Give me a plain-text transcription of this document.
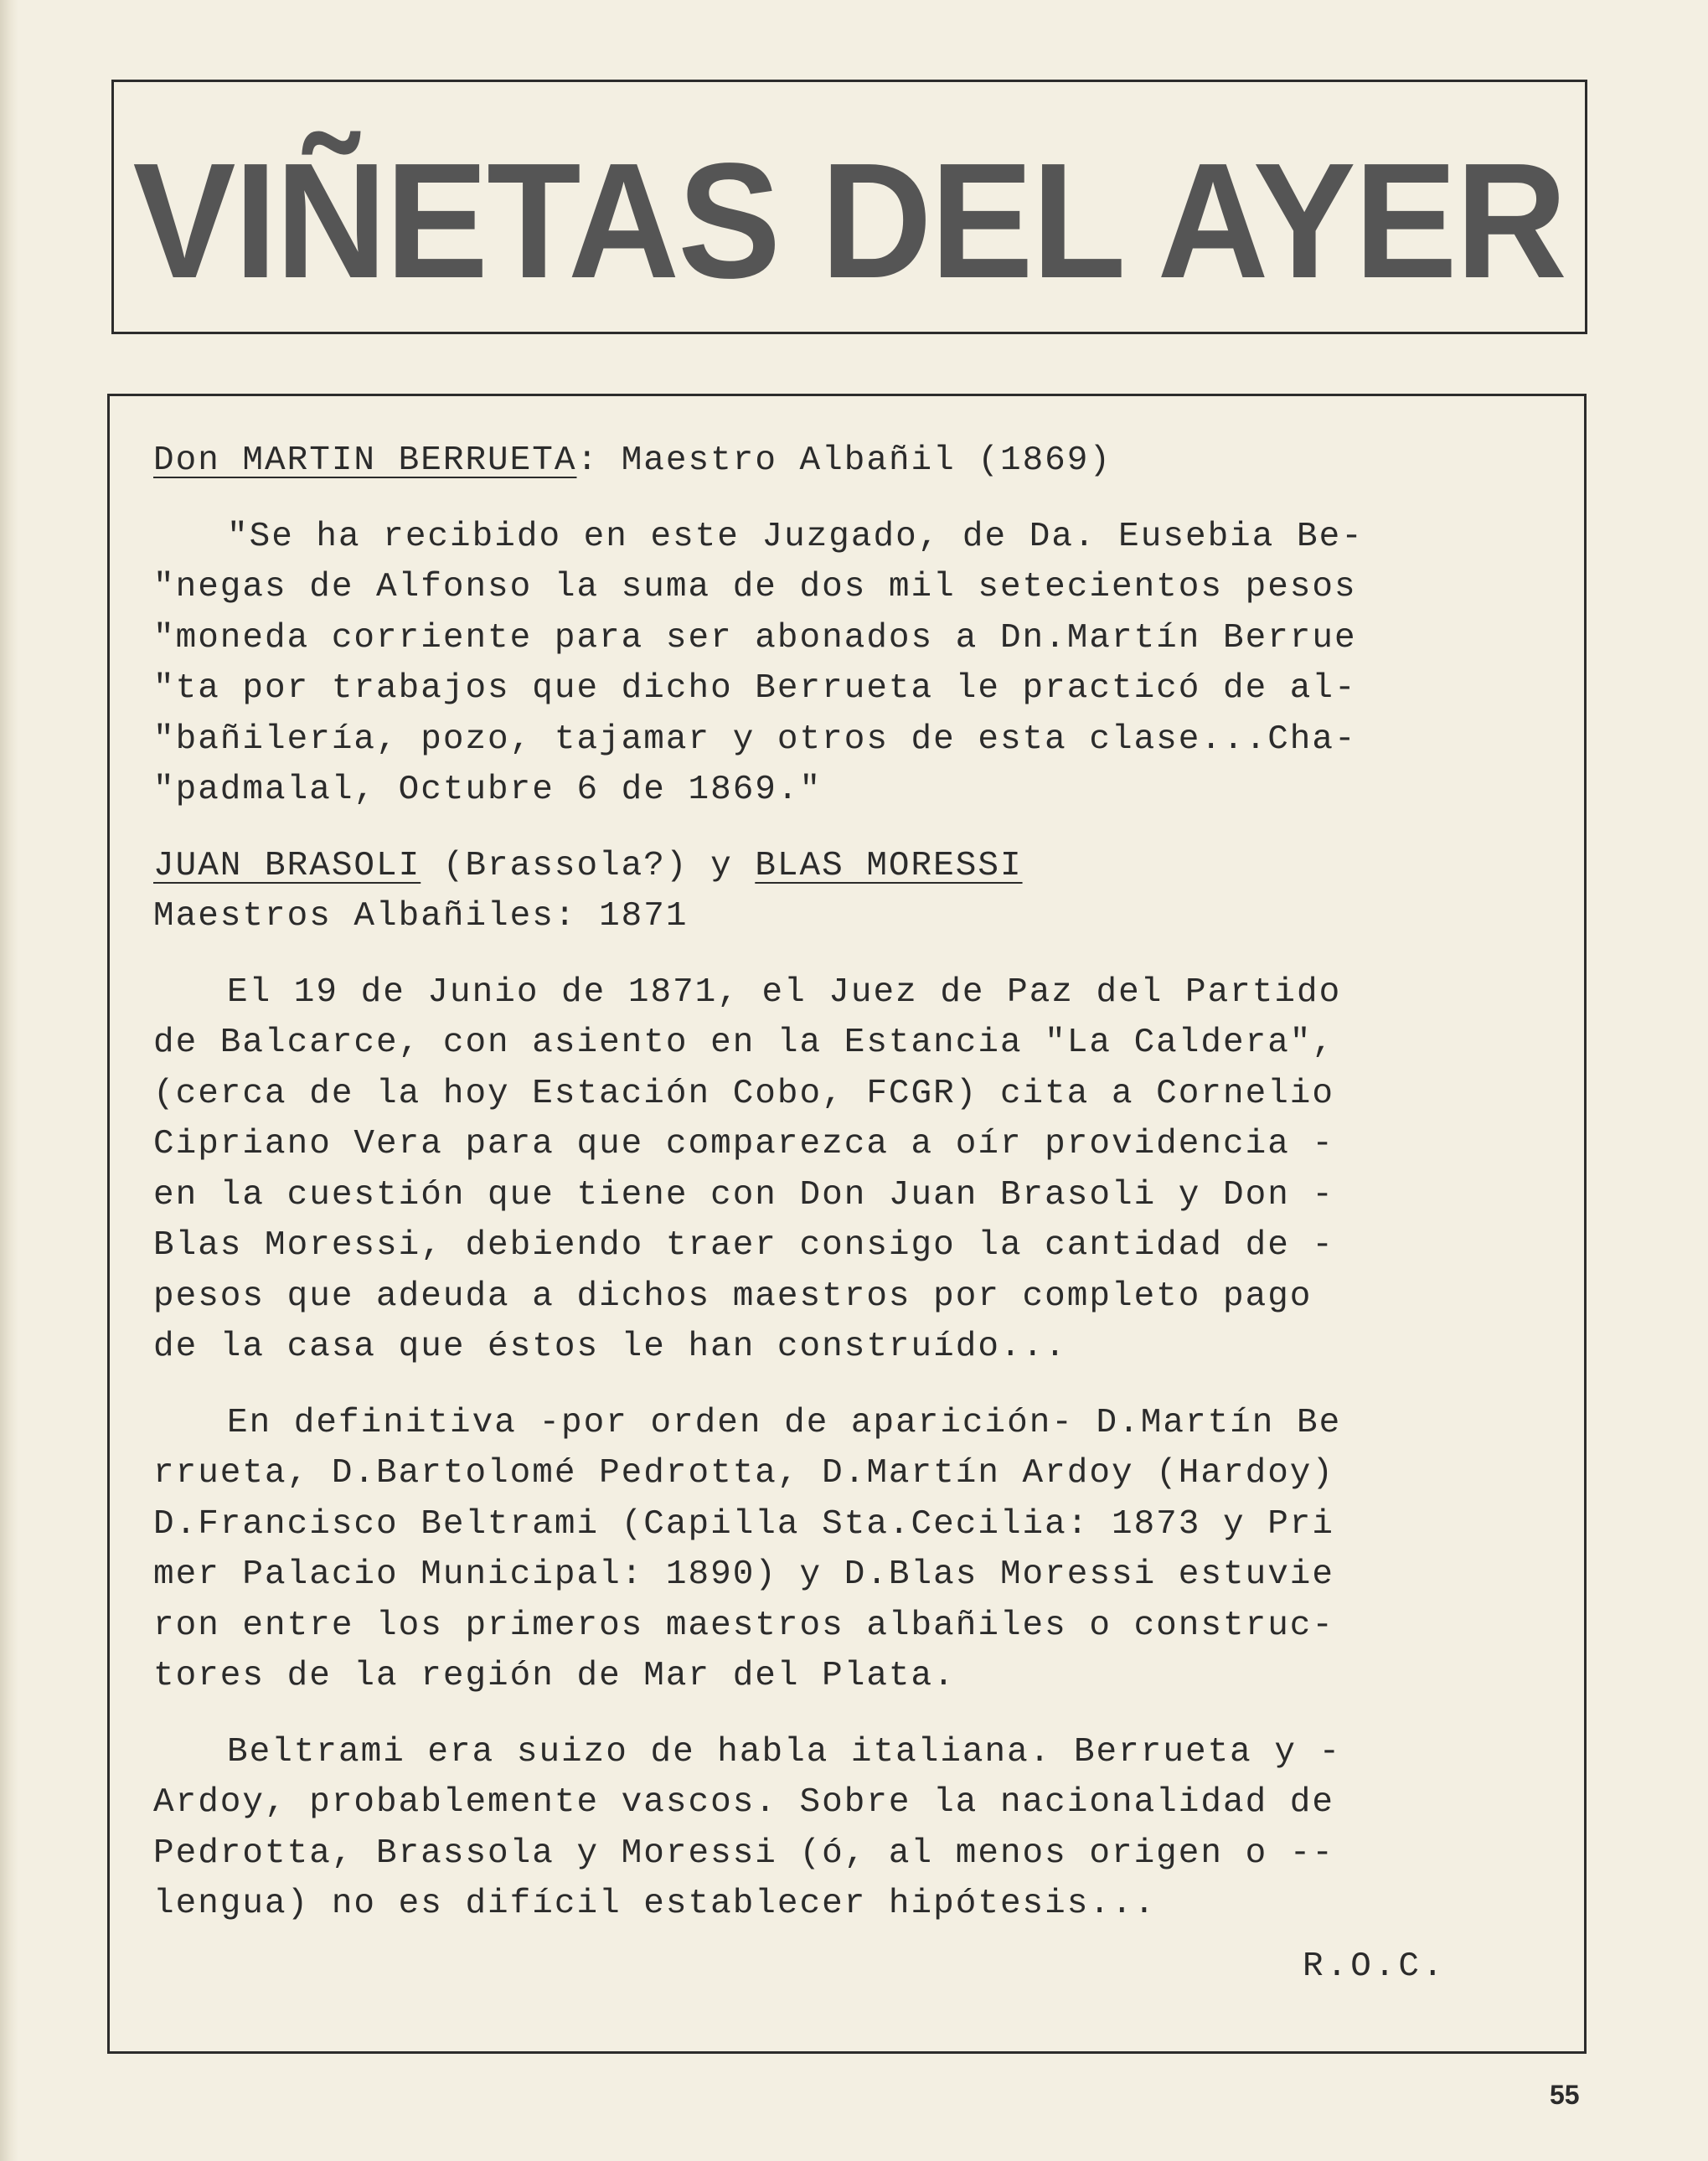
VIÑETAS DEL AYER

Don MARTIN BERRUETA: Maestro Albañil (1869)

"Se ha recibido en este Juzgado, de Da. Eusebia Be-

"negas de Alfonso la suma de dos mil setecientos pesos

"moneda corriente para ser abonados a Dn.Martín Berrue

"ta por trabajos que dicho Berrueta le practicó de al-

"bañilería, pozo, tajamar y otros de esta clase...Cha-

"padmalal, Octubre 6 de 1869."

JUAN BRASOLI (Brassola?) y BLAS MORESSI

Maestros Albañiles: 1871

El 19 de Junio de 1871, el Juez de Paz del Partido

de Balcarce, con asiento en la Estancia "La Caldera",

(cerca de la hoy Estación Cobo, FCGR) cita a Cornelio

Cipriano Vera para que comparezca a oír providencia -

en la cuestión que tiene con Don Juan Brasoli y Don -

Blas Moressi, debiendo traer consigo la cantidad de -

pesos que adeuda a dichos maestros por completo pago

de la casa que éstos le han construído...

En definitiva -por orden de aparición- D.Martín Be

rrueta, D.Bartolomé Pedrotta, D.Martín Ardoy (Hardoy)

D.Francisco Beltrami (Capilla Sta.Cecilia: 1873 y Pri

mer Palacio Municipal: 1890) y D.Blas Moressi estuvie

ron entre los primeros maestros albañiles o construc-

tores de la región de Mar del Plata.

Beltrami era suizo de habla italiana. Berrueta y -

Ardoy, probablemente vascos. Sobre la nacionalidad de

Pedrotta, Brassola y Moressi (ó, al menos origen o --

lengua) no es difícil establecer hipótesis...

R.O.C.
55
